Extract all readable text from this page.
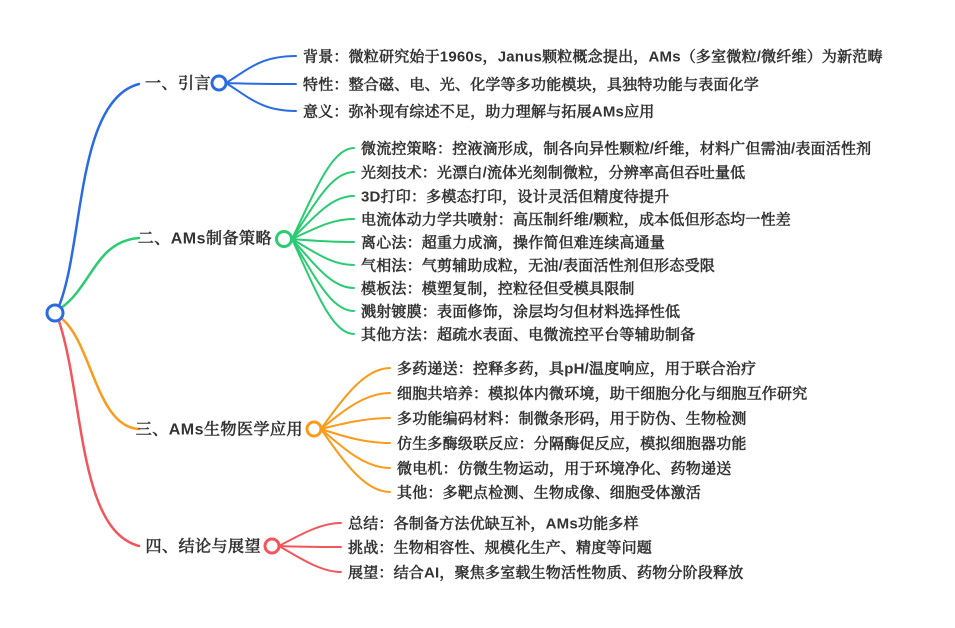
一、引言
二、AMs制备策略
三、AMs生物医学应用
四、结论与展望
背景：微粒研究始于1960s，Janus颗粒概念提出，AMs（多室微粒/微纤维）为新范畴
特性：整合磁、电、光、化学等多功能模块，具独特功能与表面化学
意义：弥补现有综述不足，助力理解与拓展AMs应用
微流控策略：控液滴形成，制各向异性颗粒/纤维，材料广但需油/表面活性剂
光刻技术：光漂白/流体光刻制微粒，分辨率高但吞吐量低
3D打印：多模态打印，设计灵活但精度待提升
电流体动力学共喷射：高压制纤维/颗粒，成本低但形态均一性差
离心法：超重力成滴，操作简但难连续高通量
气相法：气剪辅助成粒，无油/表面活性剂但形态受限
模板法：模塑复制，控粒径但受模具限制
溅射镀膜：表面修饰，涂层均匀但材料选择性低
其他方法：超疏水表面、电微流控平台等辅助制备
多药递送：控释多药，具pH/温度响应，用于联合治疗
细胞共培养：模拟体内微环境，助干细胞分化与细胞互作研究
多功能编码材料：制微条形码，用于防伪、生物检测
仿生多酶级联反应：分隔酶促反应，模拟细胞器功能
微电机：仿微生物运动，用于环境净化、药物递送
其他：多靶点检测、生物成像、细胞受体激活
总结：各制备方法优缺互补，AMs功能多样
挑战：生物相容性、规模化生产、精度等问题
展望：结合AI，聚焦多室载生物活性物质、药物分阶段释放
